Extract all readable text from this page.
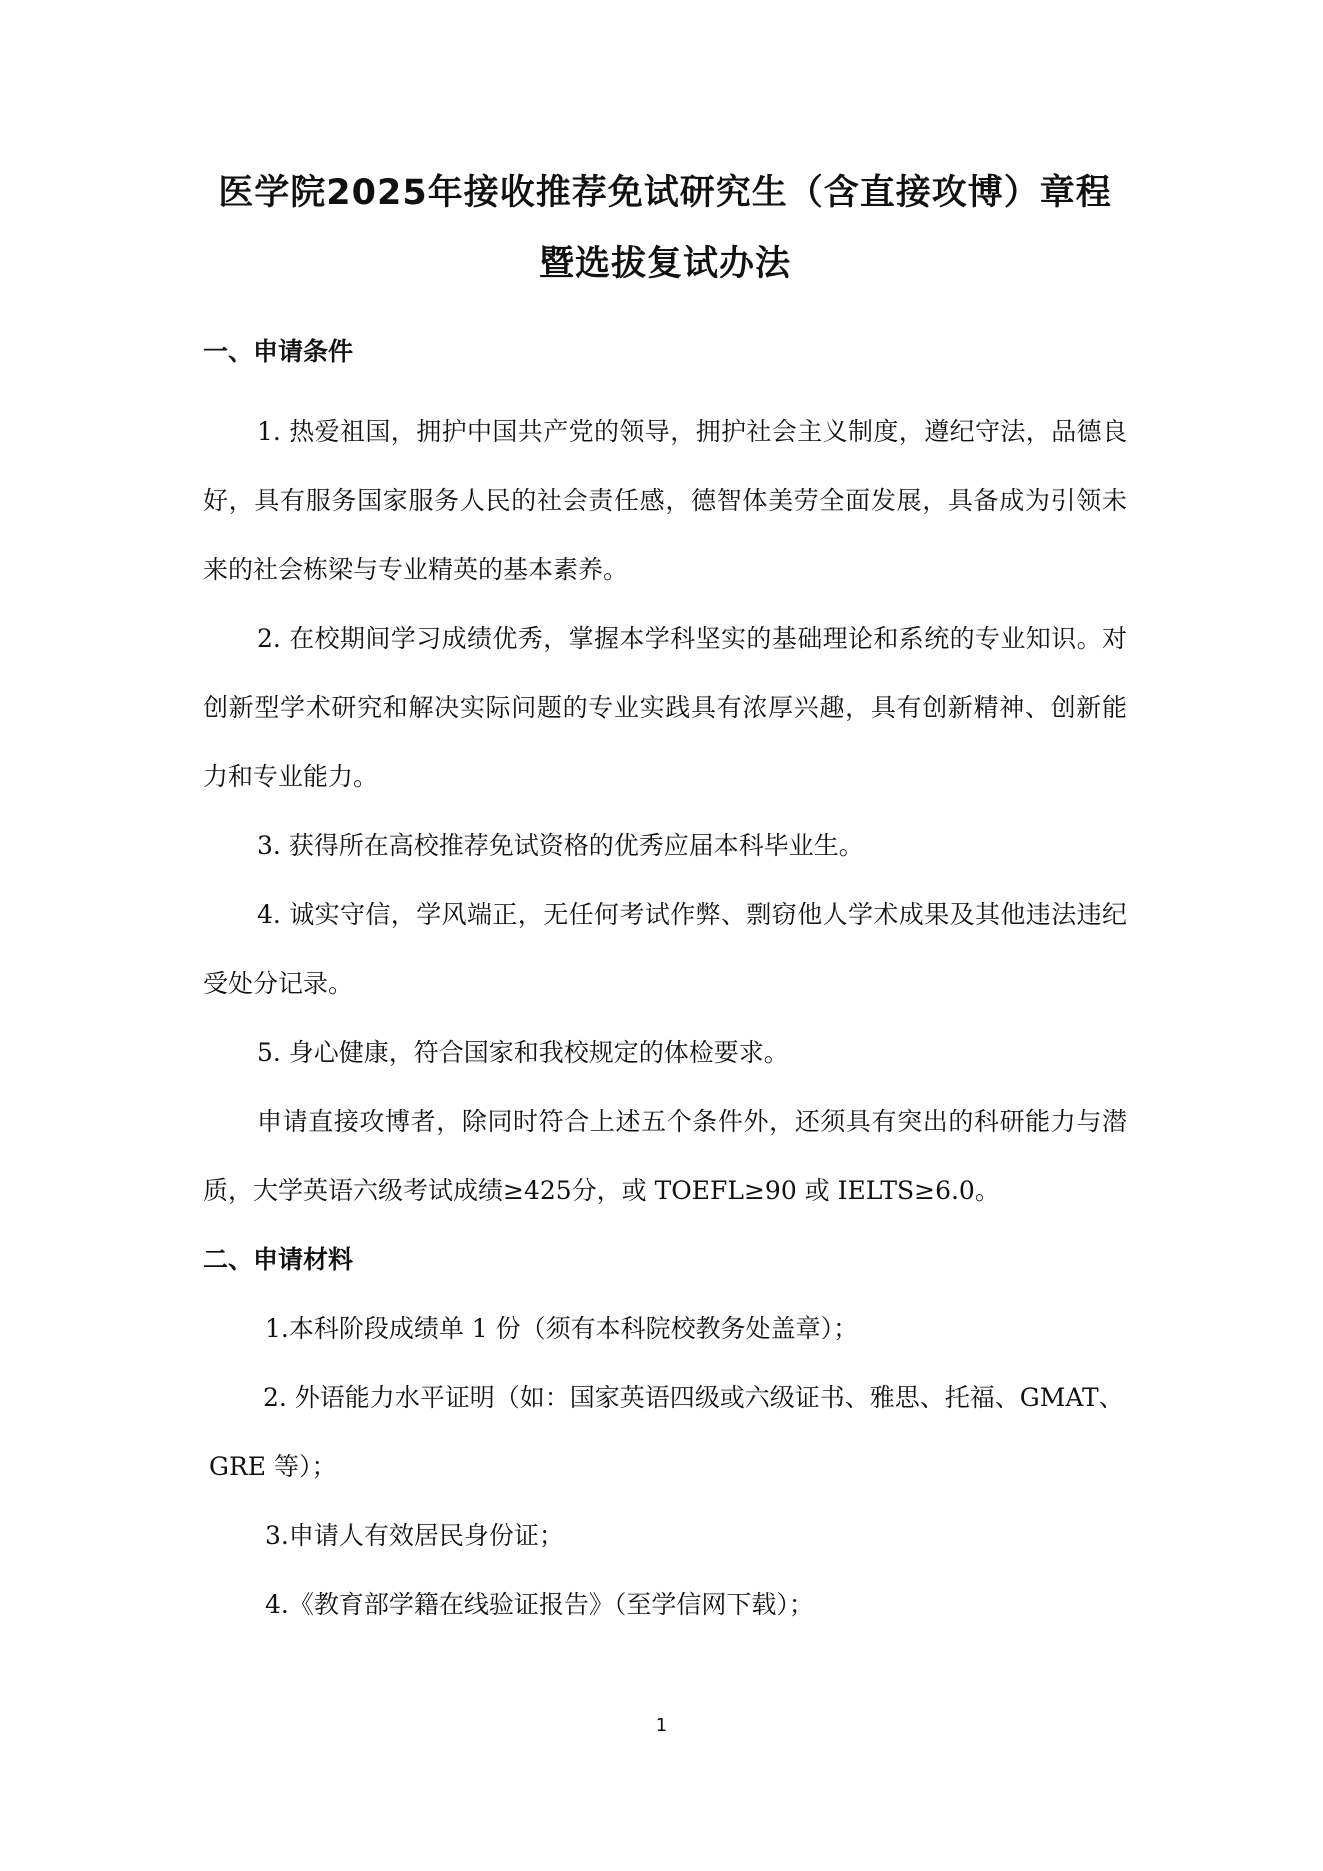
医学院2025年接收推荐免试研究生（含直接攻博）章程
暨选拔复试办法
一、申请条件
1. 热爱祖国，拥护中国共产党的领导，拥护社会主义制度，遵纪守法，品德良好，具有服务国家服务人民的社会责任感，德智体美劳全面发展，具备成为引领未来的社会栋梁与专业精英的基本素养。
2. 在校期间学习成绩优秀，掌握本学科坚实的基础理论和系统的专业知识。对创新型学术研究和解决实际问题的专业实践具有浓厚兴趣，具有创新精神、创新能力和专业能力。
3. 获得所在高校推荐免试资格的优秀应届本科毕业生。
4. 诚实守信，学风端正，无任何考试作弊、剽窃他人学术成果及其他违法违纪受处分记录。
5. 身心健康，符合国家和我校规定的体检要求。
申请直接攻博者，除同时符合上述五个条件外，还须具有突出的科研能力与潜质，大学英语六级考试成绩≥425分，或 TOEFL≥90 或 IELTS≥6.0。
二、申请材料
1.本科阶段成绩单 1 份（须有本科院校教务处盖章）；
2. 外语能力水平证明（如：国家英语四级或六级证书、雅思、托福、GMAT、
GRE 等）；
3.申请人有效居民身份证；
4.《教育部学籍在线验证报告》（至学信网下载）；
1
